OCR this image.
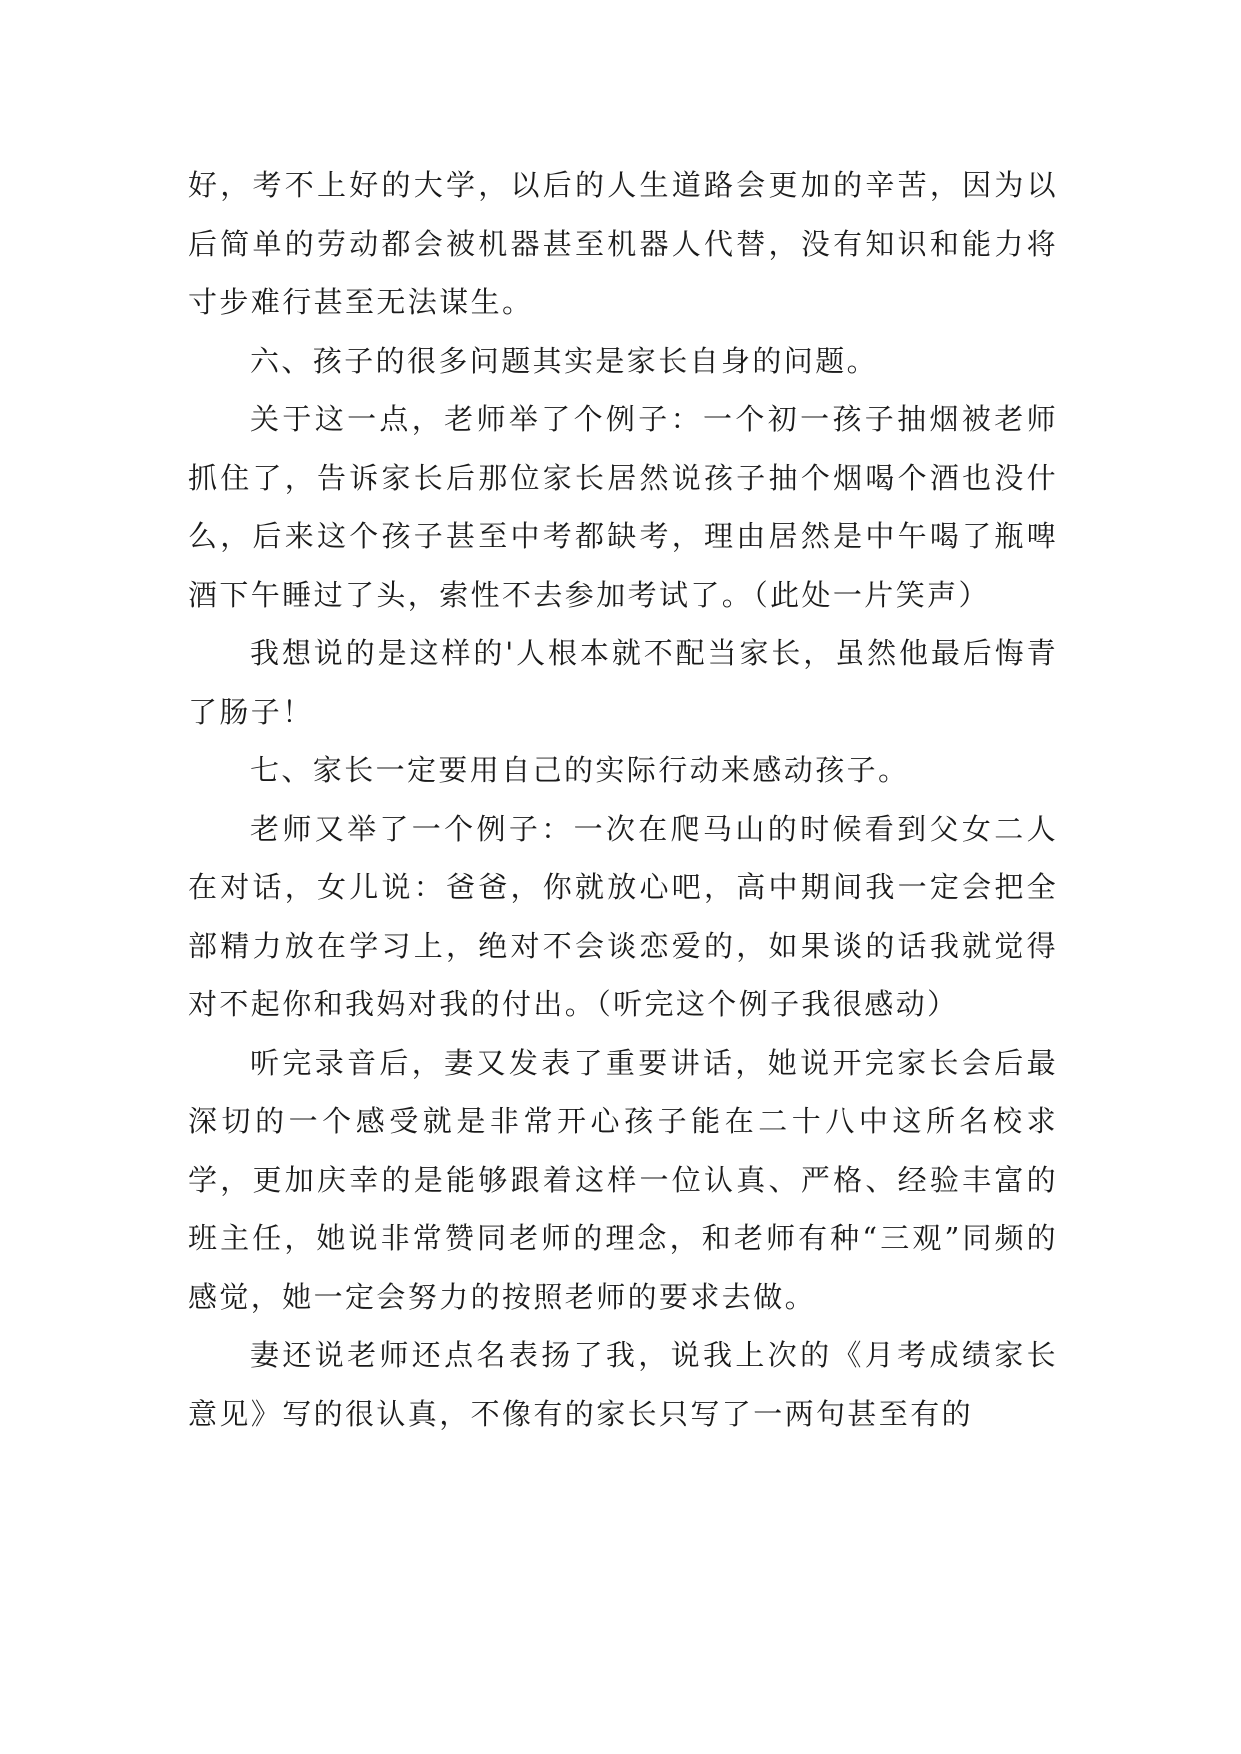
好，考不上好的大学，以后的人生道路会更加的辛苦，因为以后简单的劳动都会被机器甚至机器人代替，没有知识和能力将寸步难行甚至无法谋生。

六、孩子的很多问题其实是家长自身的问题。

关于这一点，老师举了个例子：一个初一孩子抽烟被老师抓住了，告诉家长后那位家长居然说孩子抽个烟喝个酒也没什么，后来这个孩子甚至中考都缺考，理由居然是中午喝了瓶啤酒下午睡过了头，索性不去参加考试了。（此处一片笑声）

我想说的是这样的'人根本就不配当家长，虽然他最后悔青了肠子！

七、家长一定要用自己的实际行动来感动孩子。

老师又举了一个例子：一次在爬马山的时候看到父女二人在对话，女儿说：爸爸，你就放心吧，高中期间我一定会把全部精力放在学习上，绝对不会谈恋爱的，如果谈的话我就觉得对不起你和我妈对我的付出。（听完这个例子我很感动）

听完录音后，妻又发表了重要讲话，她说开完家长会后最深切的一个感受就是非常开心孩子能在二十八中这所名校求学，更加庆幸的是能够跟着这样一位认真、严格、经验丰富的班主任，她说非常赞同老师的理念，和老师有种“三观”同频的感觉，她一定会努力的按照老师的要求去做。

妻还说老师还点名表扬了我，说我上次的《月考成绩家长意见》写的很认真，不像有的家长只写了一两句甚至有的
